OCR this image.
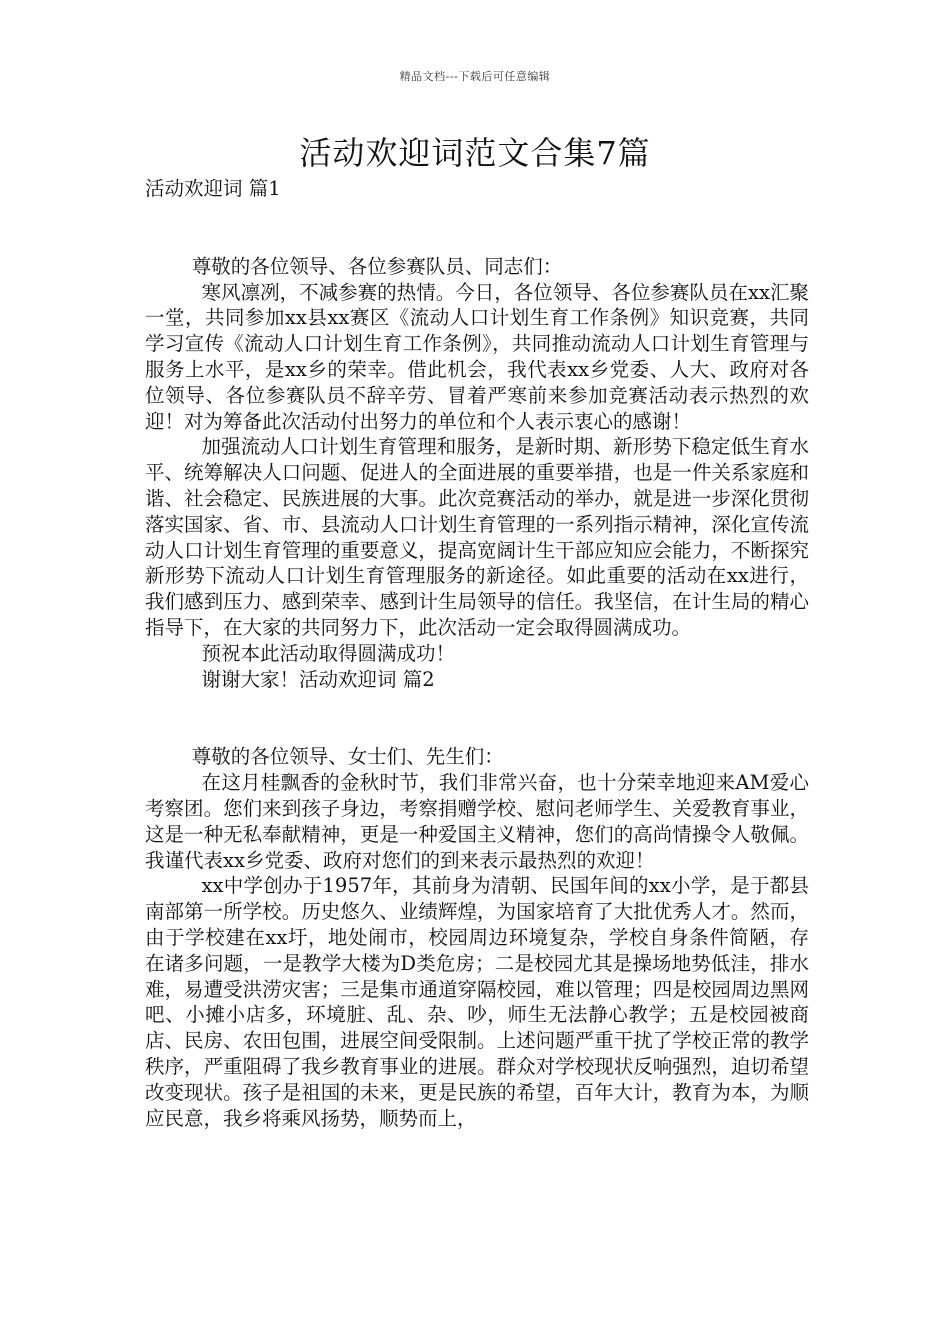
精品文档---下载后可任意编辑
活动欢迎词范文合集7篇

活动欢迎词 篇1

尊敬的各位领导、各位参赛队员、同志们：

寒风凛冽，不减参赛的热情。今日，各位领导、各位参赛队员在xx汇聚一堂，共同参加xx县xx赛区《流动人口计划生育工作条例》知识竞赛，共同学习宣传《流动人口计划生育工作条例》，共同推动流动人口计划生育管理与服务上水平，是xx乡的荣幸。借此机会，我代表xx乡党委、人大、政府对各位领导、各位参赛队员不辞辛劳、冒着严寒前来参加竞赛活动表示热烈的欢迎！对为筹备此次活动付出努力的单位和个人表示衷心的感谢！

加强流动人口计划生育管理和服务，是新时期、新形势下稳定低生育水平、统筹解决人口问题、促进人的全面进展的重要举措，也是一件关系家庭和谐、社会稳定、民族进展的大事。此次竞赛活动的举办，就是进一步深化贯彻落实国家、省、市、县流动人口计划生育管理的一系列指示精神，深化宣传流动人口计划生育管理的重要意义，提高宽阔计生干部应知应会能力，不断探究新形势下流动人口计划生育管理服务的新途径。如此重要的活动在xx进行，我们感到压力、感到荣幸、感到计生局领导的信任。我坚信，在计生局的精心指导下，在大家的共同努力下，此次活动一定会取得圆满成功。

预祝本此活动取得圆满成功！

谢谢大家！活动欢迎词 篇2

尊敬的各位领导、女士们、先生们：

在这月桂飘香的金秋时节，我们非常兴奋，也十分荣幸地迎来AM爱心考察团。您们来到孩子身边，考察捐赠学校、慰问老师学生、关爱教育事业，这是一种无私奉献精神，更是一种爱国主义精神，您们的高尚情操令人敬佩。我谨代表xx乡党委、政府对您们的到来表示最热烈的欢迎！

xx中学创办于1957年，其前身为清朝、民国年间的xx小学，是于都县南部第一所学校。历史悠久、业绩辉煌，为国家培育了大批优秀人才。然而，由于学校建在xx圩，地处闹市，校园周边环境复杂，学校自身条件简陋，存在诸多问题，一是教学大楼为D类危房；二是校园尤其是操场地势低洼，排水难，易遭受洪涝灾害；三是集市通道穿隔校园，难以管理；四是校园周边黑网吧、小摊小店多，环境脏、乱、杂、吵，师生无法静心教学；五是校园被商店、民房、农田包围，进展空间受限制。上述问题严重干扰了学校正常的教学秩序，严重阻碍了我乡教育事业的进展。群众对学校现状反响强烈，迫切希望改变现状。孩子是祖国的未来，更是民族的希望，百年大计，教育为本，为顺应民意，我乡将乘风扬势，顺势而上，
